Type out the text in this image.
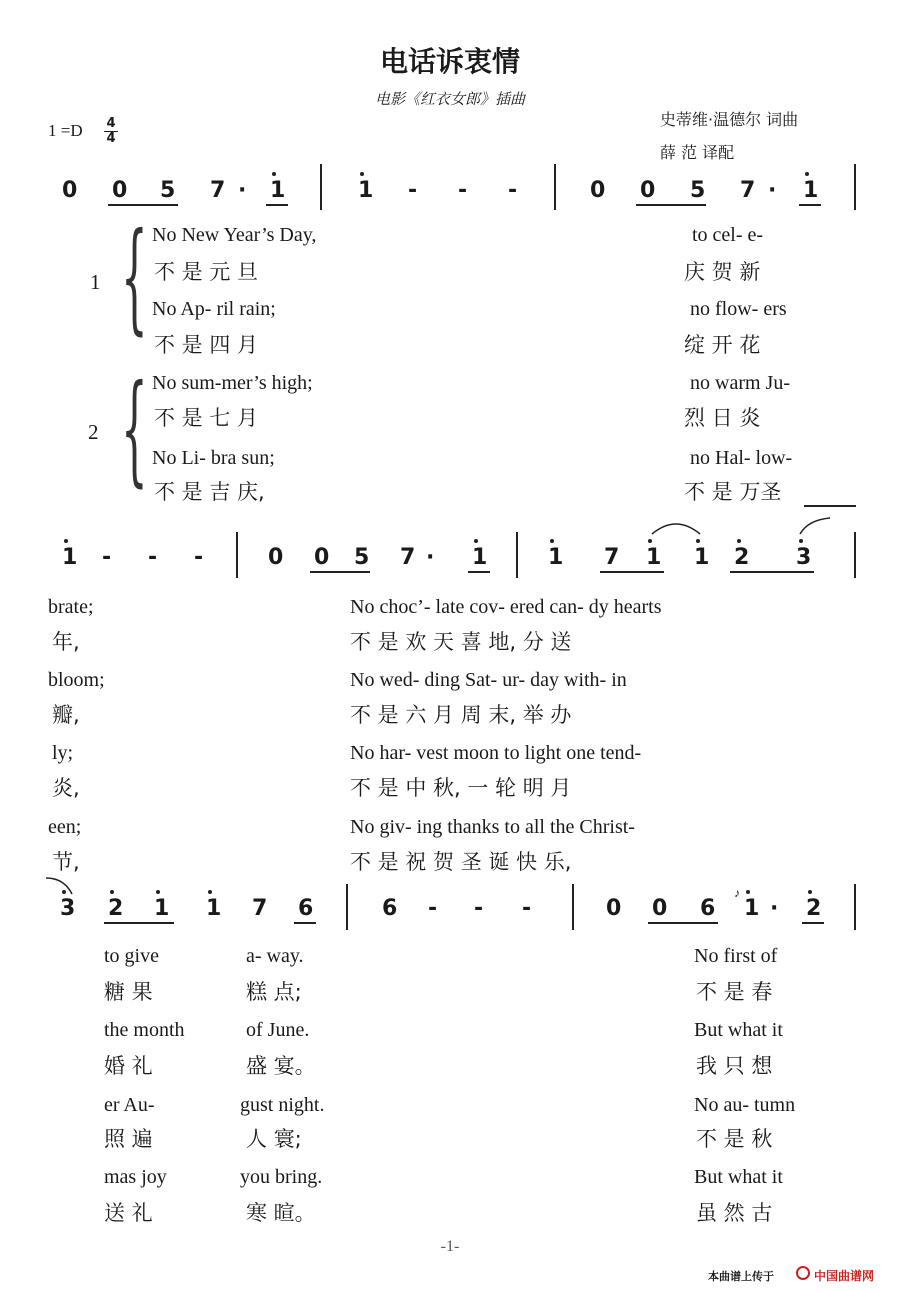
电话诉衷情
电影《红衣女郎》插曲
史蒂维·温德尔 词曲
薛 范 译配
$1 =D \frac{4}{4}$
0 0 5 7 · 1	1 - - -	0 0 5 7 · 1
{
{
1
2
No New Year’s Day,	to cel- e-
不 是 元 旦	庆 贺 新
No Ap- ril rain;	no flow- ers
不 是 四 月	绽 开 花
No sum-mer’s high;	no warm Ju-
不 是 七 月	烈 日 炎
No Li- bra sun;	no Hal- low-
不 是 吉 庆,	不 是 万圣
1 - - -	0 0 5 7 · 1	1 7 1 1 2 3
brate;	No choc’- late cov- ered can- dy hearts
年,	不 是 欢 天 喜 地, 分 送
bloom;	No wed- ding Sat- ur- day with- in
瓣,	不 是 六 月 周 末, 举 办
ly;	No har- vest moon to light one tend-
炎,	不 是 中 秋, 一 轮 明 月
een;	No giv- ing thanks to all the Christ-
节,	不 是 祝 贺 圣 诞 快 乐,
3 2 1 1 7 6	6 - - -	0 0 6 1 · 2
♪
to give	a- way.	No first of
糖 果	糕 点;	不 是 春
the month	of June.	But what it
婚 礼	盛 宴。	我 只 想
er Au-	gust night.	No au- tumn
照 遍	人 寰;	不 是 秋
mas joy	you bring.	But what it
送 礼	寒 暄。	虽 然 古
-1-
本曲谱上传于	中国曲谱网
